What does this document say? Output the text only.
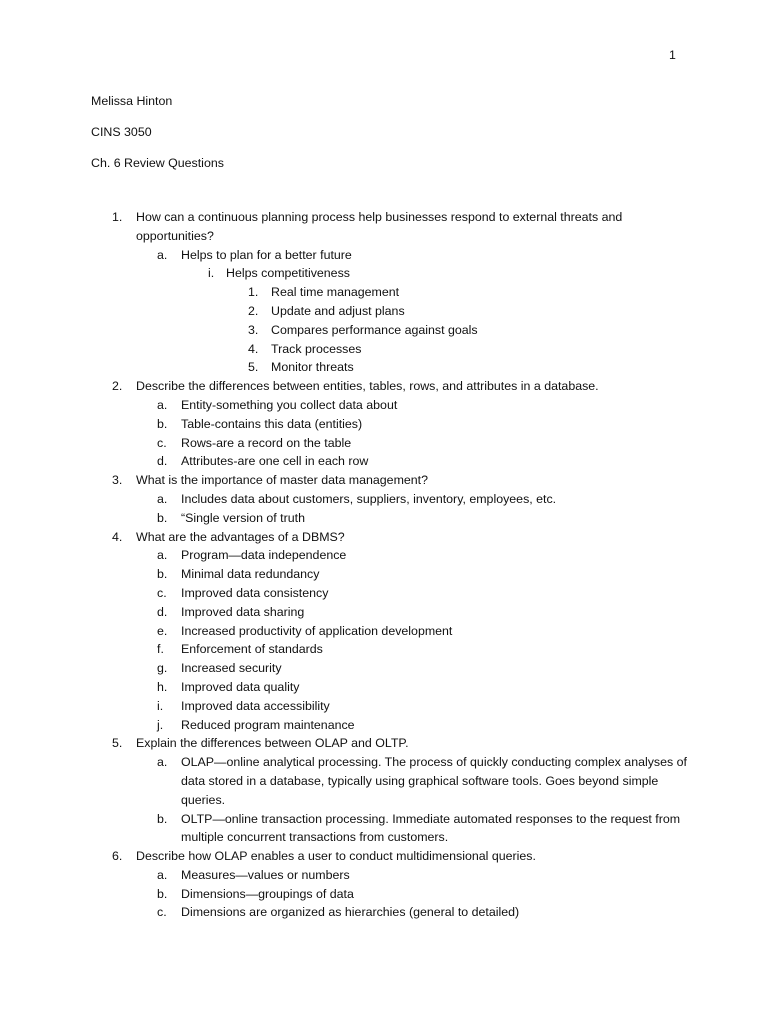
1
Melissa Hinton
CINS 3050
Ch. 6 Review Questions
1. How can a continuous planning process help businesses respond to external threats and opportunities?
a. Helps to plan for a better future
i. Helps competitiveness
1. Real time management
2. Update and adjust plans
3. Compares performance against goals
4. Track processes
5. Monitor threats
2. Describe the differences between entities, tables, rows, and attributes in a database.
a. Entity-something you collect data about
b. Table-contains this data (entities)
c. Rows-are a record on the table
d. Attributes-are one cell in each row
3. What is the importance of master data management?
a. Includes data about customers, suppliers, inventory, employees, etc.
b. “Single version of truth
4. What are the advantages of a DBMS?
a. Program—data independence
b. Minimal data redundancy
c. Improved data consistency
d. Improved data sharing
e. Increased productivity of application development
f. Enforcement of standards
g. Increased security
h. Improved data quality
i. Improved data accessibility
j. Reduced program maintenance
5. Explain the differences between OLAP and OLTP.
a. OLAP—online analytical processing. The process of quickly conducting complex analyses of data stored in a database, typically using graphical software tools. Goes beyond simple queries.
b. OLTP—online transaction processing. Immediate automated responses to the request from multiple concurrent transactions from customers.
6. Describe how OLAP enables a user to conduct multidimensional queries.
a. Measures—values or numbers
b. Dimensions—groupings of data
c. Dimensions are organized as hierarchies (general to detailed)
